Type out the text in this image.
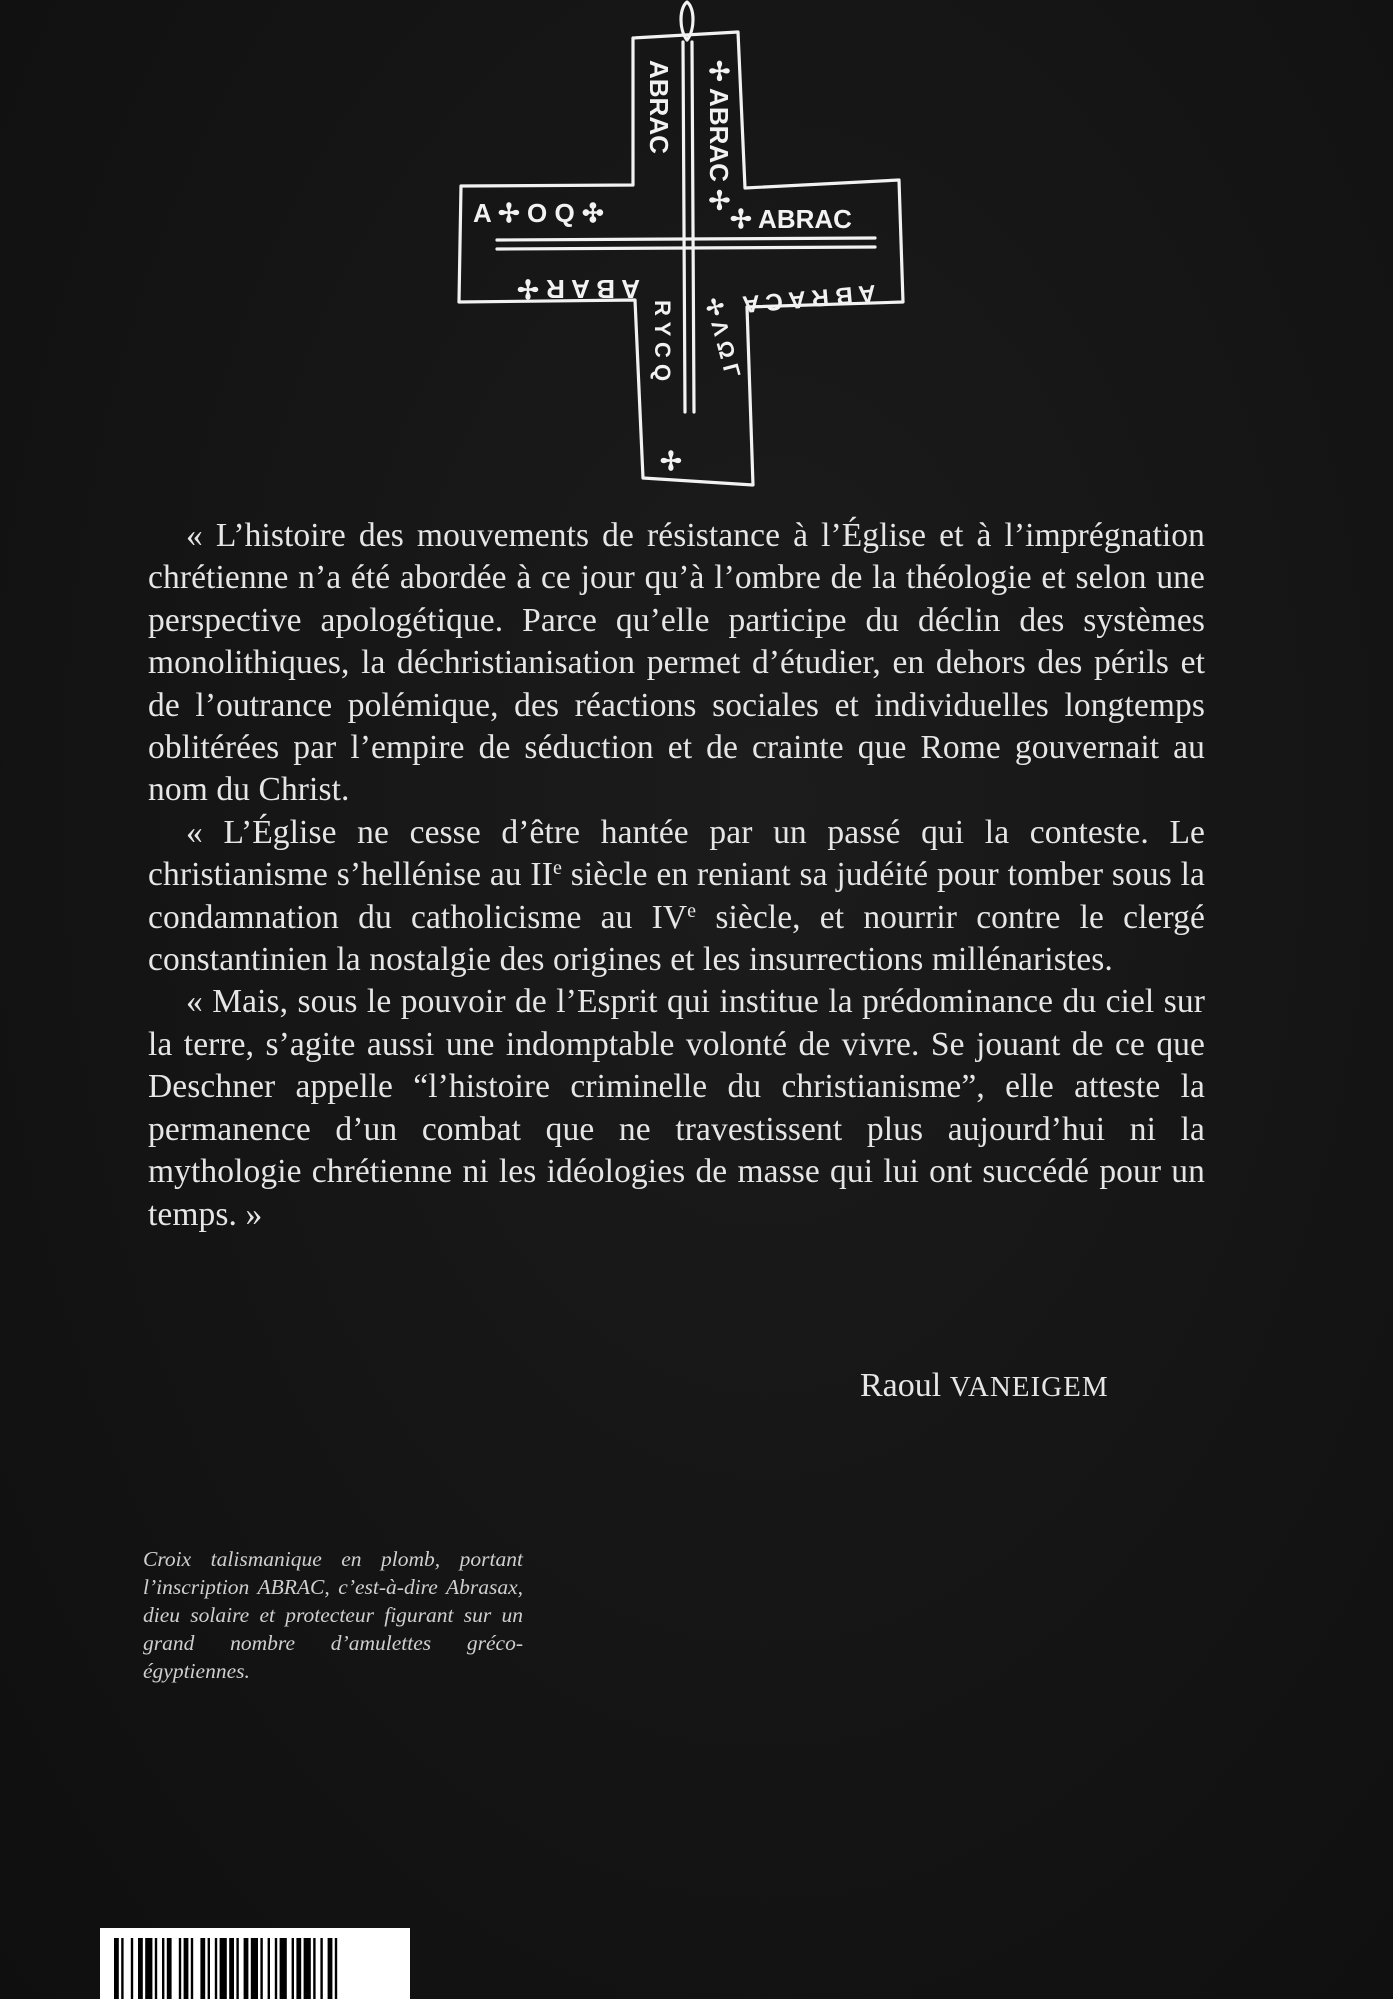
ABRAC ✢ ABRAC ✢
A ✢ O Q ✣
A B A R ✢
✢ ABRAC
A B R A C A
R Y C Q ✢ Λ Ω Γ
✢

« L’histoire des mouvements de résistance à l’Église et à l’imprégnation chrétienne n’a été abordée à ce jour qu’à l’ombre de la théologie et selon une perspective apologétique. Parce qu’elle participe du déclin des systèmes monolithiques, la déchristianisation permet d’étudier, en dehors des périls et de l’outrance polémique, des réactions sociales et individuelles longtemps oblitérées par l’empire de séduction et de crainte que Rome gouvernait au nom du Christ.

« L’Église ne cesse d’être hantée par un passé qui la conteste. Le christianisme s’hellénise au IIe siècle en reniant sa judéité pour tomber sous la condamnation du catholicisme au IVe siècle, et nourrir contre le clergé constantinien la nostalgie des origines et les insurrections millénaristes.

« Mais, sous le pouvoir de l’Esprit qui institue la prédominance du ciel sur la terre, s’agite aussi une indomptable volonté de vivre. Se jouant de ce que Deschner appelle “l’histoire criminelle du christianisme”, elle atteste la permanence d’un combat que ne travestissent plus aujourd’hui ni la mythologie chrétienne ni les idéologies de masse qui lui ont succédé pour un temps. »

Raoul VANEIGEM
Croix talismanique en plomb, portant l’inscription ABRAC, c’est-à-dire Abrasax, dieu solaire et protecteur figurant sur un grand nombre d’amulettes gréco-égyptiennes.
